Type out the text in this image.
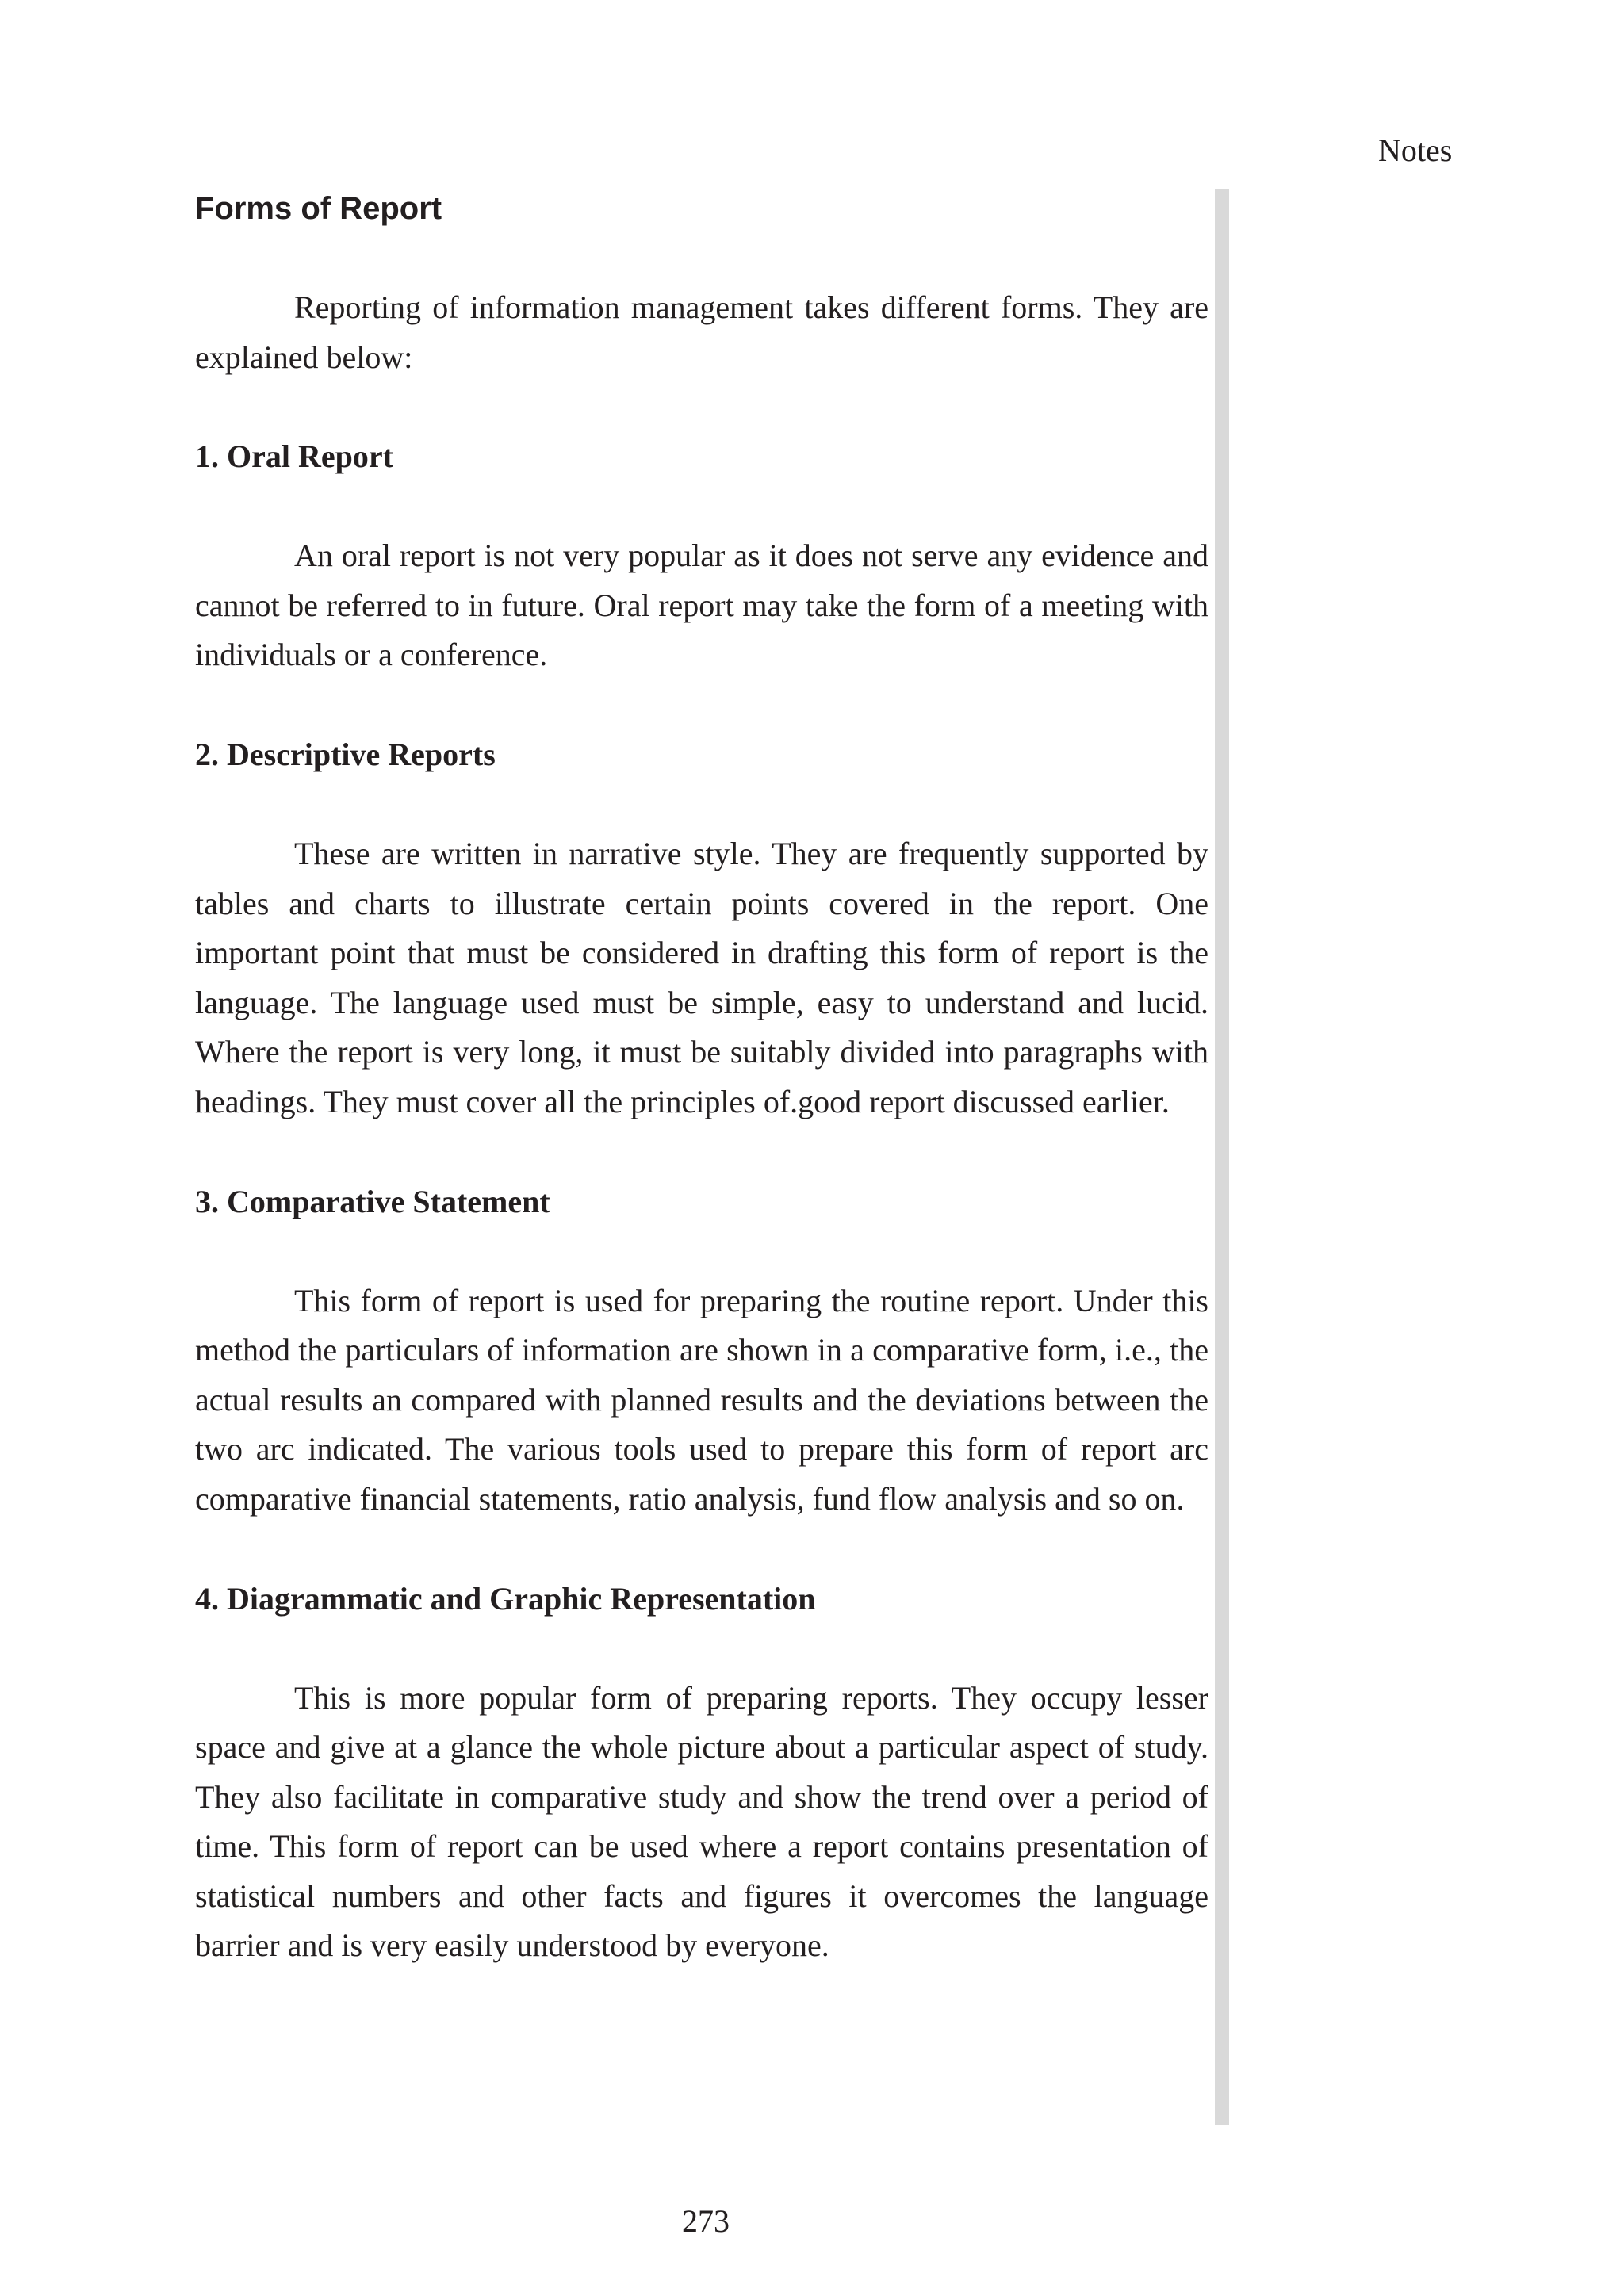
Notes
Forms of Report

Reporting of information management takes different forms. They are explained below:

1. Oral Report

An oral report is not very popular as it does not serve any evidence and cannot be referred to in future. Oral report may take the form of a meeting with individuals or a conference.

2. Descriptive Reports

These are written in narrative style. They are frequently supported by tables and charts to illustrate certain points covered in the report. One important point that must be considered in drafting this form of report is the language. The language used must be simple, easy to understand and lucid. Where the report is very long, it must be suitably divided into paragraphs with headings. They must cover all the principles of.good report discussed earlier.

3. Comparative Statement

This form of report is used for preparing the routine report. Under this method the particulars of information are shown in a comparative form, i.e., the actual results an compared with planned results and the deviations between the two arc indicated. The various tools used to prepare this form of report arc comparative financial statements, ratio analysis, fund flow analysis and so on.

4. Diagrammatic and Graphic Representation

This is more popular form of preparing reports. They occupy lesser space and give at a glance the whole picture about a particular aspect of study. They also facilitate in comparative study and show the trend over a period of time. This form of report can be used where a report contains presentation of statistical numbers and other facts and figures it overcomes the language barrier and is very easily understood by everyone.

273
